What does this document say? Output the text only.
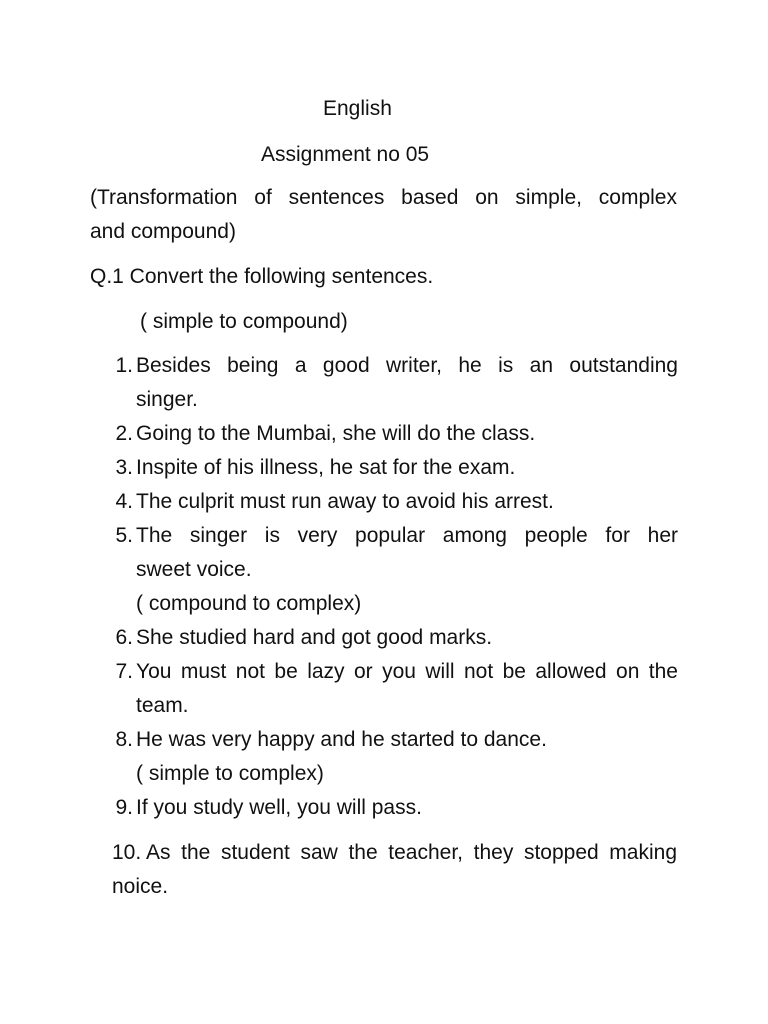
English
Assignment no 05
(Transformation of sentences based on simple, complex
and compound)
Q.1 Convert the following sentences.
( simple to compound)
1. Besides being a good writer, he is an outstanding
singer.
2. Going to the Mumbai, she will do the class.
3. Inspite of his illness, he sat for the exam.
4. The culprit must run away to avoid his arrest.
5. The singer is very popular among people for her
sweet voice.
( compound to complex)
6. She studied hard and got good marks.
7. You must not be lazy or you will not be allowed on the
team.
8. He was very happy and he started to dance.
( simple to complex)
9. If you study well, you will pass.
10. As the student saw the teacher, they stopped making
noice.
